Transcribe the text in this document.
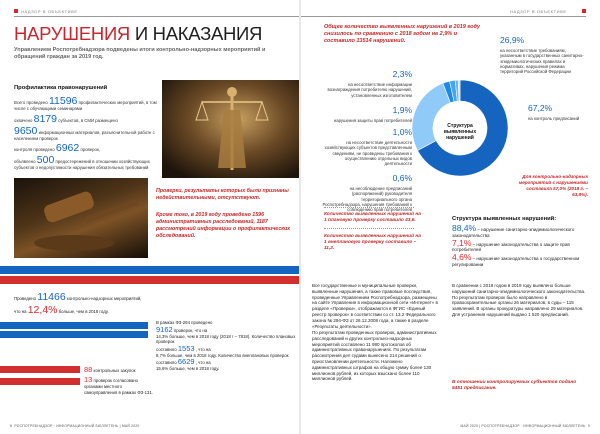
НАДЗОР В ОБЪЕКТИВЕ
НАРУШЕНИЯ И НАКАЗАНИЯ
Управлением Роспотребнадзора подведены итоги контрольно-надзорных мероприятий и обращений граждан за 2019 год.
Профилактика правонарушений
Всего проведено 11596 профилактических мероприятий, в том числе с обучающими семинарами
охвачено 8179 субъектов, в СМИ размещено
9650 информационных материалов, разъяснительной работе с населением проверок
контроля проведено 6962 проверок,
объявлено 500 предостережений в отношении хозяйствующих субъектов о недопустимости нарушения обязательных требований
Проверки, результаты которых были признаны недействительными, отсутствуют.
Кроме того, в 2019 году проведено 1596 административных расследований, 1187 рассмотрений информации о профилактических обследований.
Проведено 11466 контрольно-надзорных мероприятий,
что на 12,4% больше, чем в 2018 году.
В рамках ФЗ-294 проведено
9162 проверок, что на
14,3% больше, чем в 2018 году (2018 г – 7818). Количество плановых проверок
составило 1553 , что на
8,7% больше, чем в 2018 году. Количество внеплановых проверок
составило 6629 , что на
15,6% больше, чем в 2018 году.
88 контрольных закупок
13 проверок согласовано органами местного самоуправления в рамках ФЗ-131.
8 РОСПОТРЕБНАДЗОР · ИНФОРМАЦИОННЫЙ БЮЛЛЕТЕНЬ | МАЙ 2020
НАДЗОР В ОБЪЕКТИВЕ
Общее количество выявленных нарушений в 2019 году снизилось по сравнению с 2018 годом на 2,9% и составило 13514 нарушений.
Структура выявленных нарушений
2,3%
на несоответствие информации вознаграждения потребителю нарушений, установленных изготовителем
1,9%
нарушения защиты прав потребителей
1,0%
на несоответствие деятельности хозяйствующих субъектов представленным сведениям, не проведены требования к осуществлению отдельных видов деятельности
0,6%
на несоблюдение предписаний (распоряжений) руководителя территориального органа Роспотребнадзора, нарушения требований к соблюдению прав потребителей
26,9%
на несоответствие требованиям, указанным в государственных санитарно-эпидемиологических правилах и нормативах, нарушения режима территорий Российской Федерации
67,2%
на контроль предписаний
Для контрольно-надзорных мероприятий с нарушениями составила 57,0% (2018 г. – 63,8%).
Количество выявленных нарушений на 1 плановую проверку составило 43,6.
Количество выявленных нарушений на 1 внеплановую проверку составило – 11,2.
Все государственные и муниципальные проверки, выявленные нарушения, а также правовые последствия, проведенные Управлением Роспотребнадзора, размещены на сайте Управления в информационной сети «Интернет» в разделе «Проверки», отображаются в ФГИС «Единый реестр проверок» в соответствии со ст. 13.2 Федерального закона № 294-ФЗ от 26.12.2008 года, а также в разделе «Результаты деятельности».
По результатам проведенных проверок, административных расследований и других контрольно-надзорных мероприятий составлено 11 980 протоколов об административных правонарушениях. По результатам рассмотрения дел судами вынесено 214 решений о приостановлении деятельности. Наложено административных штрафов на общую сумму более 130 миллионов рублей, из которых взыскано более 110 миллионов рублей.
Структура выявленных нарушений:
88,4% – нарушение санитарно-эпидемиологического законодательства
7,1% – нарушение законодательства о защите прав потребителей
4,6% – нарушение законодательства о государственном регулировании
В сравнении с 2018 годом в 2019 году выявлено больше нарушений санитарно-эпидемиологического законодательства. По результатам проверок было направлено в правоохранительные органы 26 материалов, в суды – 115 заявлений. В органы прокуратуры направлено 29 материалов. Для устранения нарушений выдано 1 520 предписаний.
В отношении контролируемых субъектов подано 5451 предписание.
МАЙ 2020 | РОСПОТРЕБНАДЗОР · ИНФОРМАЦИОННЫЙ БЮЛЛЕТЕНЬ 9
